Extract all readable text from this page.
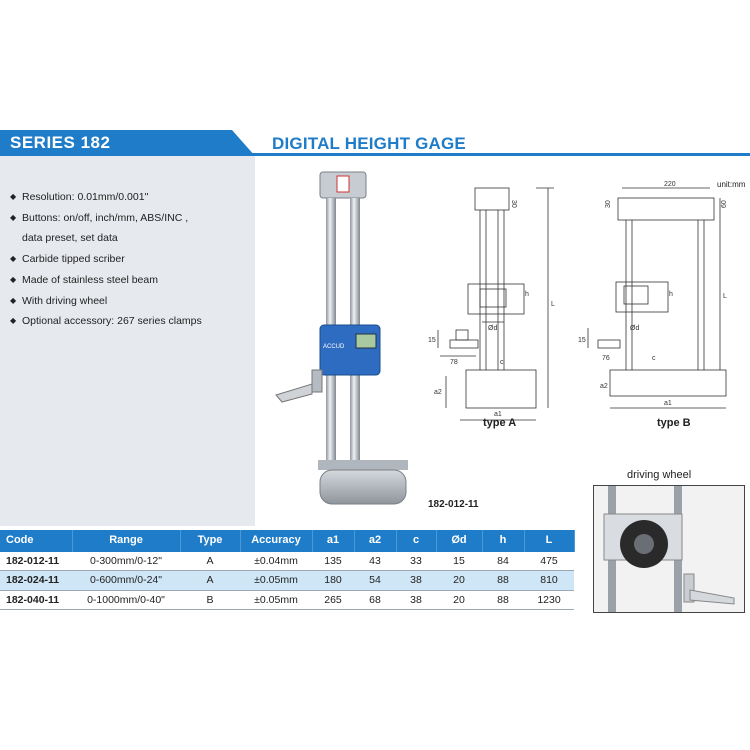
SERIES 182	DIGITAL HEIGHT GAGE
◆ Resolution: 0.01mm/0.001"
◆ Buttons: on/off, inch/mm, ABS/INC ,
data preset, set data
◆ Carbide tipped scriber
◆ Made of stainless steel beam
◆ With driving wheel
◆ Optional accessory: 267 series clamps
ACCUD
182-012-11
30
L
h
15
78
Ød
c
a2
a1
type A
220
30	60
L
h
15
76
Ød
c
a2
a1
unit:mm
type B
driving wheel
Code	Range	Type	Accuracy	a1	a2	c	Ød	h	L
182-012-11	0-300mm/0-12"	A	±0.04mm	135	43	33	15	84	475
182-024-11	0-600mm/0-24"	A	±0.05mm	180	54	38	20	88	810
182-040-11	0-1000mm/0-40"	B	±0.05mm	265	68	38	20	88	1230
